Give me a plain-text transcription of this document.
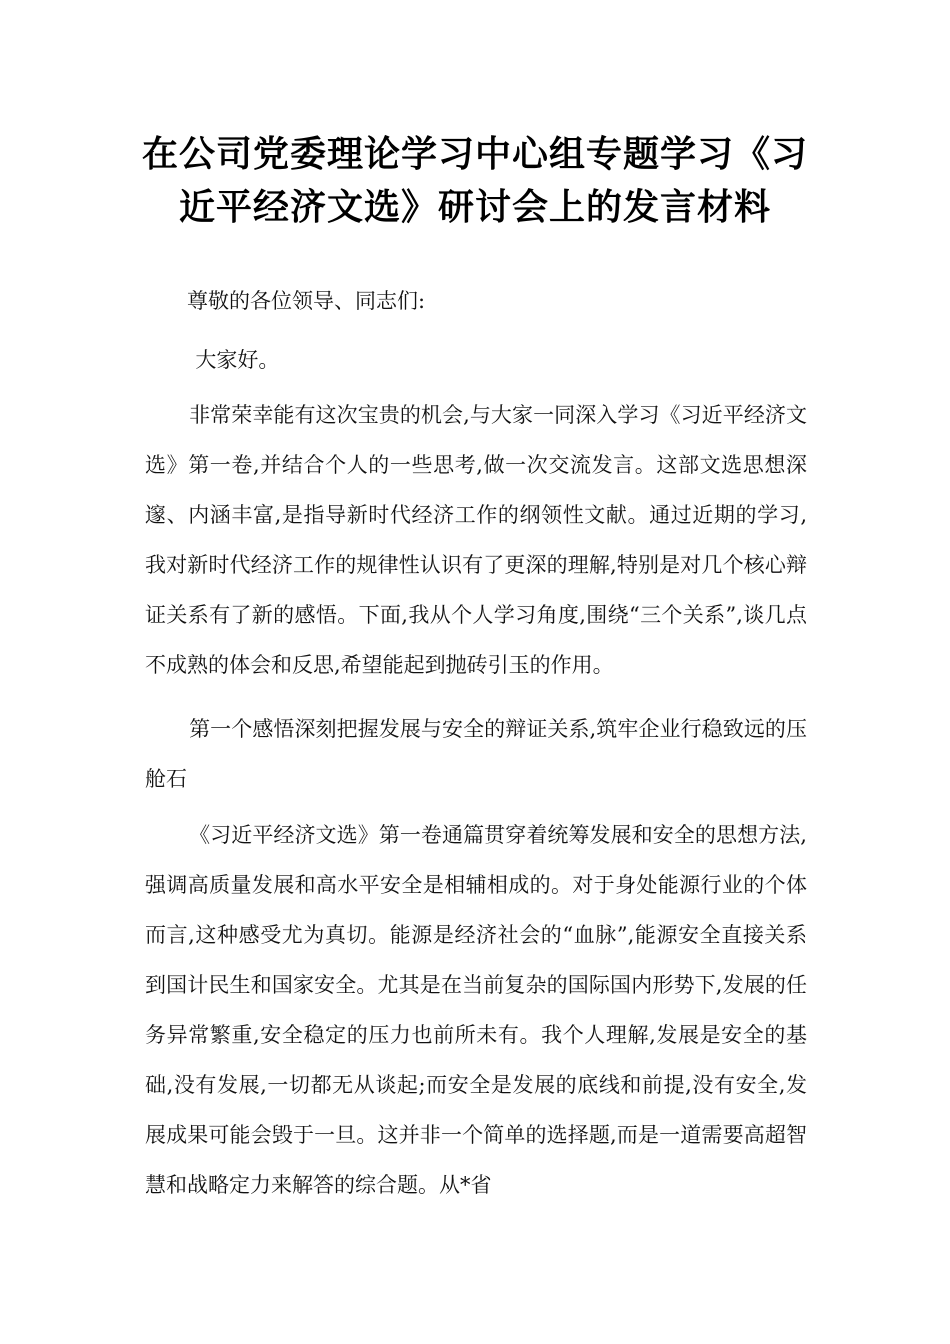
在公司党委理论学习中心组专题学习《习
近平经济文选》研讨会上的发言材料

尊敬的各位领导、同志们:

大家好。

非常荣幸能有这次宝贵的机会,与大家一同深入学习《习近平经济文选》第一卷,并结合个人的一些思考,做一次交流发言。这部文选思想深邃、内涵丰富,是指导新时代经济工作的纲领性文献。通过近期的学习,我对新时代经济工作的规律性认识有了更深的理解,特别是对几个核心辩证关系有了新的感悟。下面,我从个人学习角度,围绕“三个关系”,谈几点不成熟的体会和反思,希望能起到抛砖引玉的作用。

第一个感悟深刻把握发展与安全的辩证关系,筑牢企业行稳致远的压舱石

《习近平经济文选》第一卷通篇贯穿着统筹发展和安全的思想方法,强调高质量发展和高水平安全是相辅相成的。对于身处能源行业的个体而言,这种感受尤为真切。能源是经济社会的“血脉”,能源安全直接关系到国计民生和国家安全。尤其是在当前复杂的国际国内形势下,发展的任务异常繁重,安全稳定的压力也前所未有。我个人理解,发展是安全的基础,没有发展,一切都无从谈起;而安全是发展的底线和前提,没有安全,发展成果可能会毁于一旦。这并非一个简单的选择题,而是一道需要高超智慧和战略定力来解答的综合题。从*省
